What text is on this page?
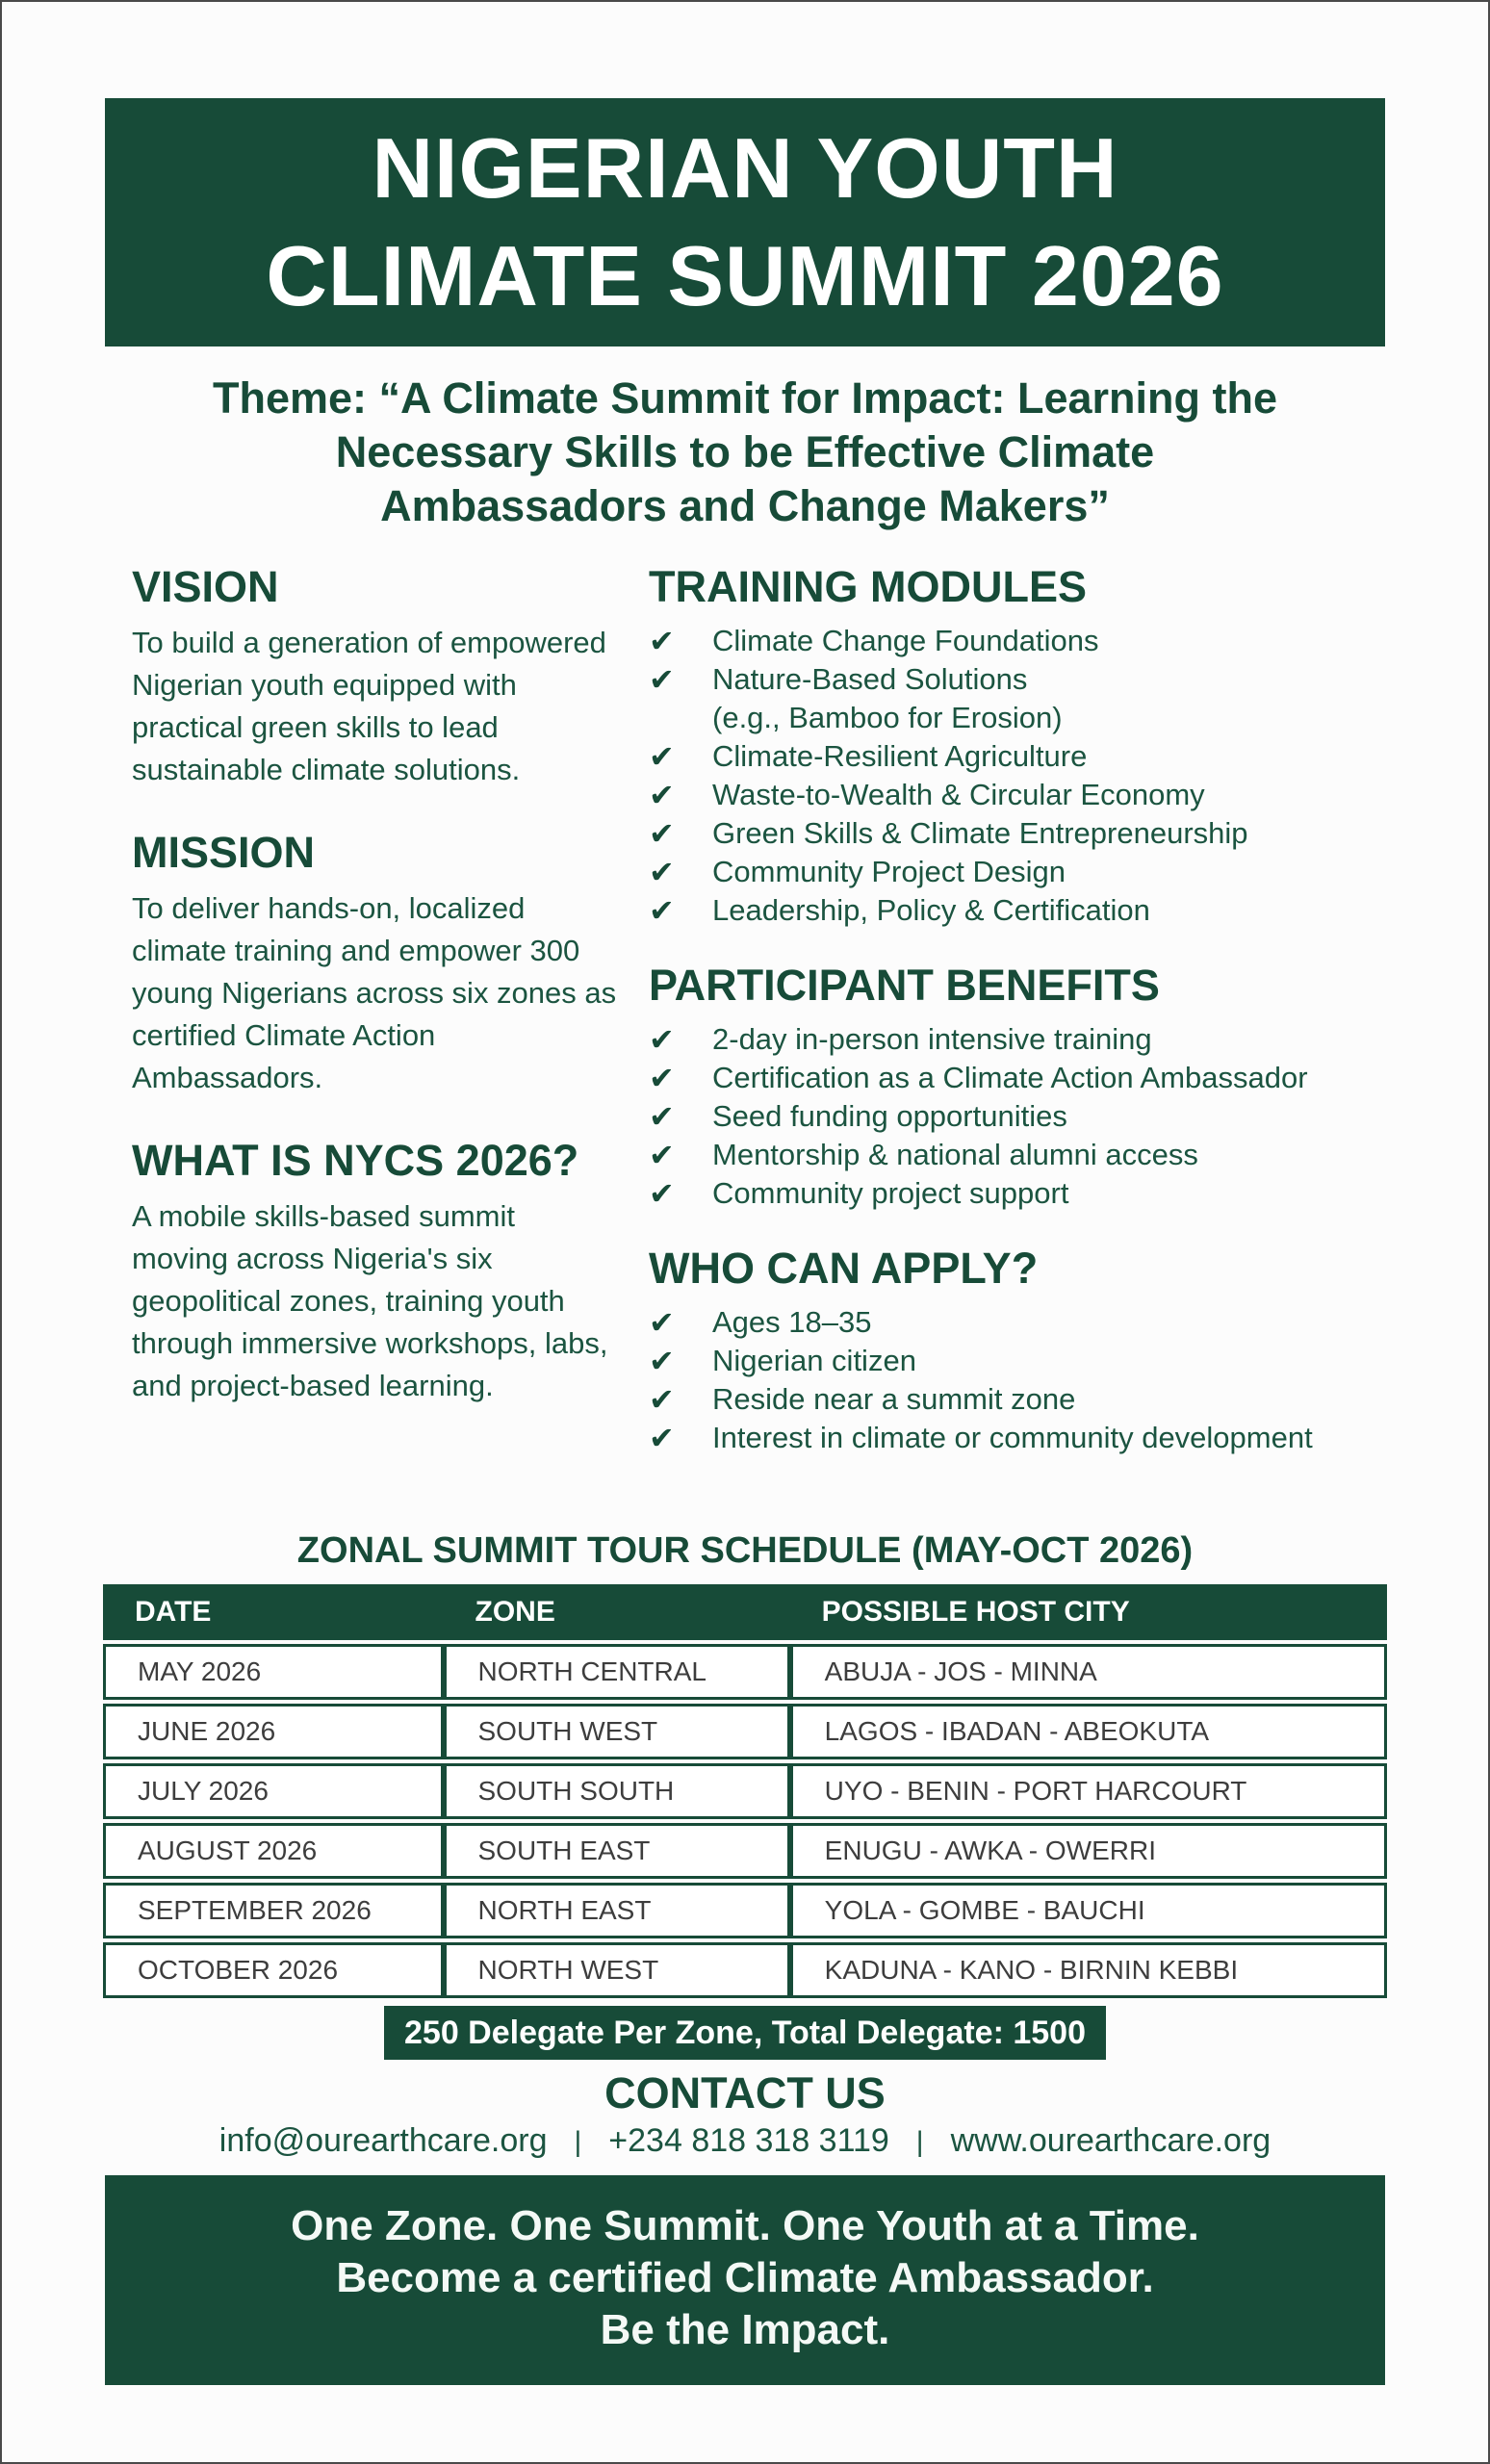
NIGERIAN YOUTH
CLIMATE SUMMIT 2026
Theme: “A Climate Summit for Impact: Learning the
Necessary Skills to be Effective Climate
Ambassadors and Change Makers”
VISION

To build a generation of empowered Nigerian youth equipped with practical green skills to lead sustainable climate solutions.

MISSION

To deliver hands-on, localized climate training and empower 300 young Nigerians across six zones as certified Climate Action Ambassadors.

WHAT IS NYCS 2026?

A mobile skills-based summit moving across Nigeria's six geopolitical zones, training youth through immersive workshops, labs, and project-based learning.

TRAINING MODULES
✔	Climate Change Foundations
✔	Nature-Based Solutions
(e.g., Bamboo for Erosion)
✔	Climate-Resilient Agriculture
✔	Waste-to-Wealth & Circular Economy
✔	Green Skills & Climate Entrepreneurship
✔	Community Project Design
✔	Leadership, Policy & Certification
PARTICIPANT BENEFITS
✔	2-day in-person intensive training
✔	Certification as a Climate Action Ambassador
✔	Seed funding opportunities
✔	Mentorship & national alumni access
✔	Community project support
WHO CAN APPLY?
✔	Ages 18–35
✔	Nigerian citizen
✔	Reside near a summit zone
✔	Interest in climate or community development
ZONAL SUMMIT TOUR SCHEDULE (MAY-OCT 2026)
DATE	ZONE	POSSIBLE HOST CITY
MAY 2026	NORTH CENTRAL	ABUJA - JOS - MINNA
JUNE 2026	SOUTH WEST	LAGOS - IBADAN - ABEOKUTA
JULY 2026	SOUTH SOUTH	UYO - BENIN - PORT HARCOURT
AUGUST 2026	SOUTH EAST	ENUGU - AWKA - OWERRI
SEPTEMBER 2026	NORTH EAST	YOLA - GOMBE - BAUCHI
OCTOBER 2026	NORTH WEST	KADUNA - KANO - BIRNIN KEBBI
250 Delegate Per Zone, Total Delegate: 1500
CONTACT US
info@ourearthcare.org | +234 818 318 3119 | www.ourearthcare.org
One Zone. One Summit. One Youth at a Time.
Become a certified Climate Ambassador.
Be the Impact.
